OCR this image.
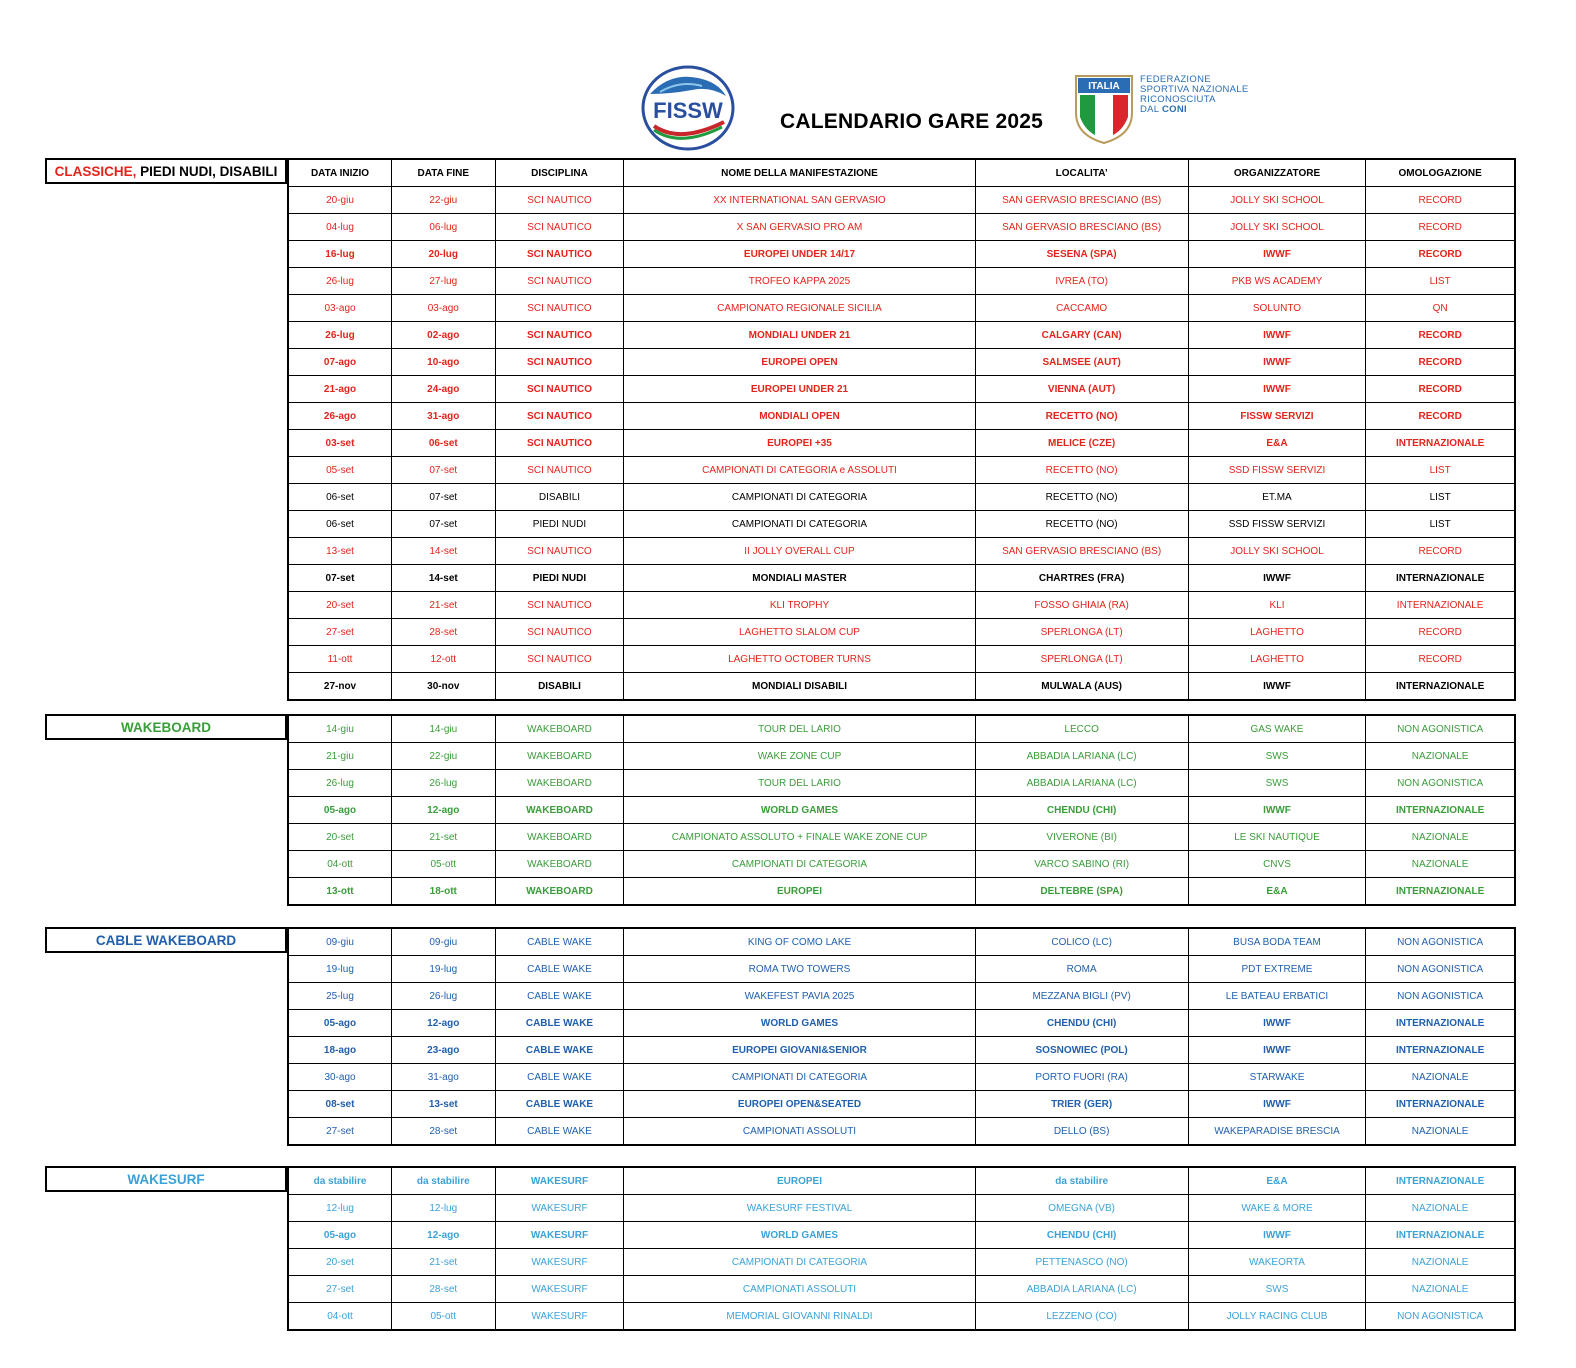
FISSW	CALENDARIO GARE 2025
ITALIA
FEDERAZIONE
SPORTIVA NAZIONALE
RICONOSCIUTA
DAL CONI
CLASSICHE, PIEDI NUDI, DISABILI	DATA INIZIO	DATA FINE	DISCIPLINA	NOME DELLA MANIFESTAZIONE	LOCALITA’	ORGANIZZATORE	OMOLOGAZIONE
20-giu	22-giu	SCI NAUTICO	XX INTERNATIONAL SAN GERVASIO	SAN GERVASIO BRESCIANO (BS)	JOLLY SKI SCHOOL	RECORD
04-lug	06-lug	SCI NAUTICO	X SAN GERVASIO PRO AM	SAN GERVASIO BRESCIANO (BS)	JOLLY SKI SCHOOL	RECORD
16-lug	20-lug	SCI NAUTICO	EUROPEI UNDER 14/17	SESENA (SPA)	IWWF	RECORD
26-lug	27-lug	SCI NAUTICO	TROFEO KAPPA 2025	IVREA (TO)	PKB WS ACADEMY	LIST
03-ago	03-ago	SCI NAUTICO	CAMPIONATO REGIONALE SICILIA	CACCAMO	SOLUNTO	QN
26-lug	02-ago	SCI NAUTICO	MONDIALI UNDER 21	CALGARY (CAN)	IWWF	RECORD
07-ago	10-ago	SCI NAUTICO	EUROPEI OPEN	SALMSEE (AUT)	IWWF	RECORD
21-ago	24-ago	SCI NAUTICO	EUROPEI UNDER 21	VIENNA (AUT)	IWWF	RECORD
26-ago	31-ago	SCI NAUTICO	MONDIALI OPEN	RECETTO (NO)	FISSW SERVIZI	RECORD
03-set	06-set	SCI NAUTICO	EUROPEI +35	MELICE (CZE)	E&A	INTERNAZIONALE
05-set	07-set	SCI NAUTICO	CAMPIONATI DI CATEGORIA e ASSOLUTI	RECETTO (NO)	SSD FISSW SERVIZI	LIST
06-set	07-set	DISABILI	CAMPIONATI DI CATEGORIA	RECETTO (NO)	ET.MA	LIST
06-set	07-set	PIEDI NUDI	CAMPIONATI DI CATEGORIA	RECETTO (NO)	SSD FISSW SERVIZI	LIST
13-set	14-set	SCI NAUTICO	II JOLLY OVERALL CUP	SAN GERVASIO BRESCIANO (BS)	JOLLY SKI SCHOOL	RECORD
07-set	14-set	PIEDI NUDI	MONDIALI MASTER	CHARTRES (FRA)	IWWF	INTERNAZIONALE
20-set	21-set	SCI NAUTICO	KLI TROPHY	FOSSO GHIAIA (RA)	KLI	INTERNAZIONALE
27-set	28-set	SCI NAUTICO	LAGHETTO SLALOM CUP	SPERLONGA (LT)	LAGHETTO	RECORD
11-ott	12-ott	SCI NAUTICO	LAGHETTO OCTOBER TURNS	SPERLONGA (LT)	LAGHETTO	RECORD
27-nov	30-nov	DISABILI	MONDIALI DISABILI	MULWALA (AUS)	IWWF	INTERNAZIONALE
WAKEBOARD	14-giu	14-giu	WAKEBOARD	TOUR DEL LARIO	LECCO	GAS WAKE	NON AGONISTICA
21-giu	22-giu	WAKEBOARD	WAKE ZONE CUP	ABBADIA LARIANA (LC)	SWS	NAZIONALE
26-lug	26-lug	WAKEBOARD	TOUR DEL LARIO	ABBADIA LARIANA (LC)	SWS	NON AGONISTICA
05-ago	12-ago	WAKEBOARD	WORLD GAMES	CHENDU (CHI)	IWWF	INTERNAZIONALE
20-set	21-set	WAKEBOARD	CAMPIONATO ASSOLUTO + FINALE WAKE ZONE CUP	VIVERONE (BI)	LE SKI NAUTIQUE	NAZIONALE
04-ott	05-ott	WAKEBOARD	CAMPIONATI DI CATEGORIA	VARCO SABINO (RI)	CNVS	NAZIONALE
13-ott	18-ott	WAKEBOARD	EUROPEI	DELTEBRE (SPA)	E&A	INTERNAZIONALE
CABLE WAKEBOARD	09-giu	09-giu	CABLE WAKE	KING OF COMO LAKE	COLICO (LC)	BUSA BODA TEAM	NON AGONISTICA
19-lug	19-lug	CABLE WAKE	ROMA TWO TOWERS	ROMA	PDT EXTREME	NON AGONISTICA
25-lug	26-lug	CABLE WAKE	WAKEFEST PAVIA 2025	MEZZANA BIGLI (PV)	LE BATEAU ERBATICI	NON AGONISTICA
05-ago	12-ago	CABLE WAKE	WORLD GAMES	CHENDU (CHI)	IWWF	INTERNAZIONALE
18-ago	23-ago	CABLE WAKE	EUROPEI GIOVANI&SENIOR	SOSNOWIEC (POL)	IWWF	INTERNAZIONALE
30-ago	31-ago	CABLE WAKE	CAMPIONATI DI CATEGORIA	PORTO FUORI (RA)	STARWAKE	NAZIONALE
08-set	13-set	CABLE WAKE	EUROPEI OPEN&SEATED	TRIER (GER)	IWWF	INTERNAZIONALE
27-set	28-set	CABLE WAKE	CAMPIONATI ASSOLUTI	DELLO (BS)	WAKEPARADISE BRESCIA	NAZIONALE
WAKESURF	da stabilire	da stabilire	WAKESURF	EUROPEI	da stabilire	E&A	INTERNAZIONALE
12-lug	12-lug	WAKESURF	WAKESURF FESTIVAL	OMEGNA (VB)	WAKE & MORE	NAZIONALE
05-ago	12-ago	WAKESURF	WORLD GAMES	CHENDU (CHI)	IWWF	INTERNAZIONALE
20-set	21-set	WAKESURF	CAMPIONATI DI CATEGORIA	PETTENASCO (NO)	WAKEORTA	NAZIONALE
27-set	28-set	WAKESURF	CAMPIONATI ASSOLUTI	ABBADIA LARIANA (LC)	SWS	NAZIONALE
04-ott	05-ott	WAKESURF	MEMORIAL GIOVANNI RINALDI	LEZZENO (CO)	JOLLY RACING CLUB	NON AGONISTICA
